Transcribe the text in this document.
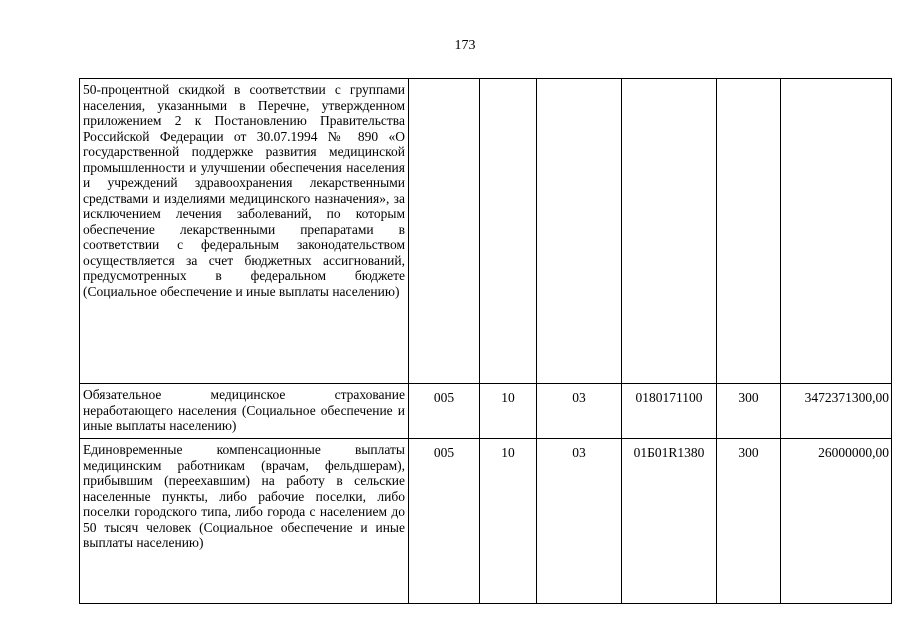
173
50-процентной скидкой в соответствии с группами населения, указанными в Перечне, утвержденном приложением 2 к Постановлению Правительства Российской Федерации от 30.07.1994 № 890 «О государственной поддержке развития медицинской промышленности и улучшении обеспечения населения и учреждений здравоохранения лекарственными средствами и изделиями медицинского назначения», за исключением лечения заболеваний, по которым обеспечение лекарственными препаратами в соответствии с федеральным законодательством осуществляется за счет бюджетных ассигнований, предусмотренных в федеральном бюджете (Социальное обеспечение и иные выплаты населению)						
Обязательное медицинское страхование неработающего населения (Социальное обеспечение и иные выплаты населению)	005	10	03	0180171100	300	3472371300,00
Единовременные компенсационные выплаты медицинским работникам (врачам, фельдшерам), прибывшим (переехавшим) на работу в сельские населенные пункты, либо рабочие поселки, либо поселки городского типа, либо города с населением до 50 тысяч человек (Социальное обеспечение и иные выплаты населению)	005	10	03	01Б01R1380	300	26000000,00
